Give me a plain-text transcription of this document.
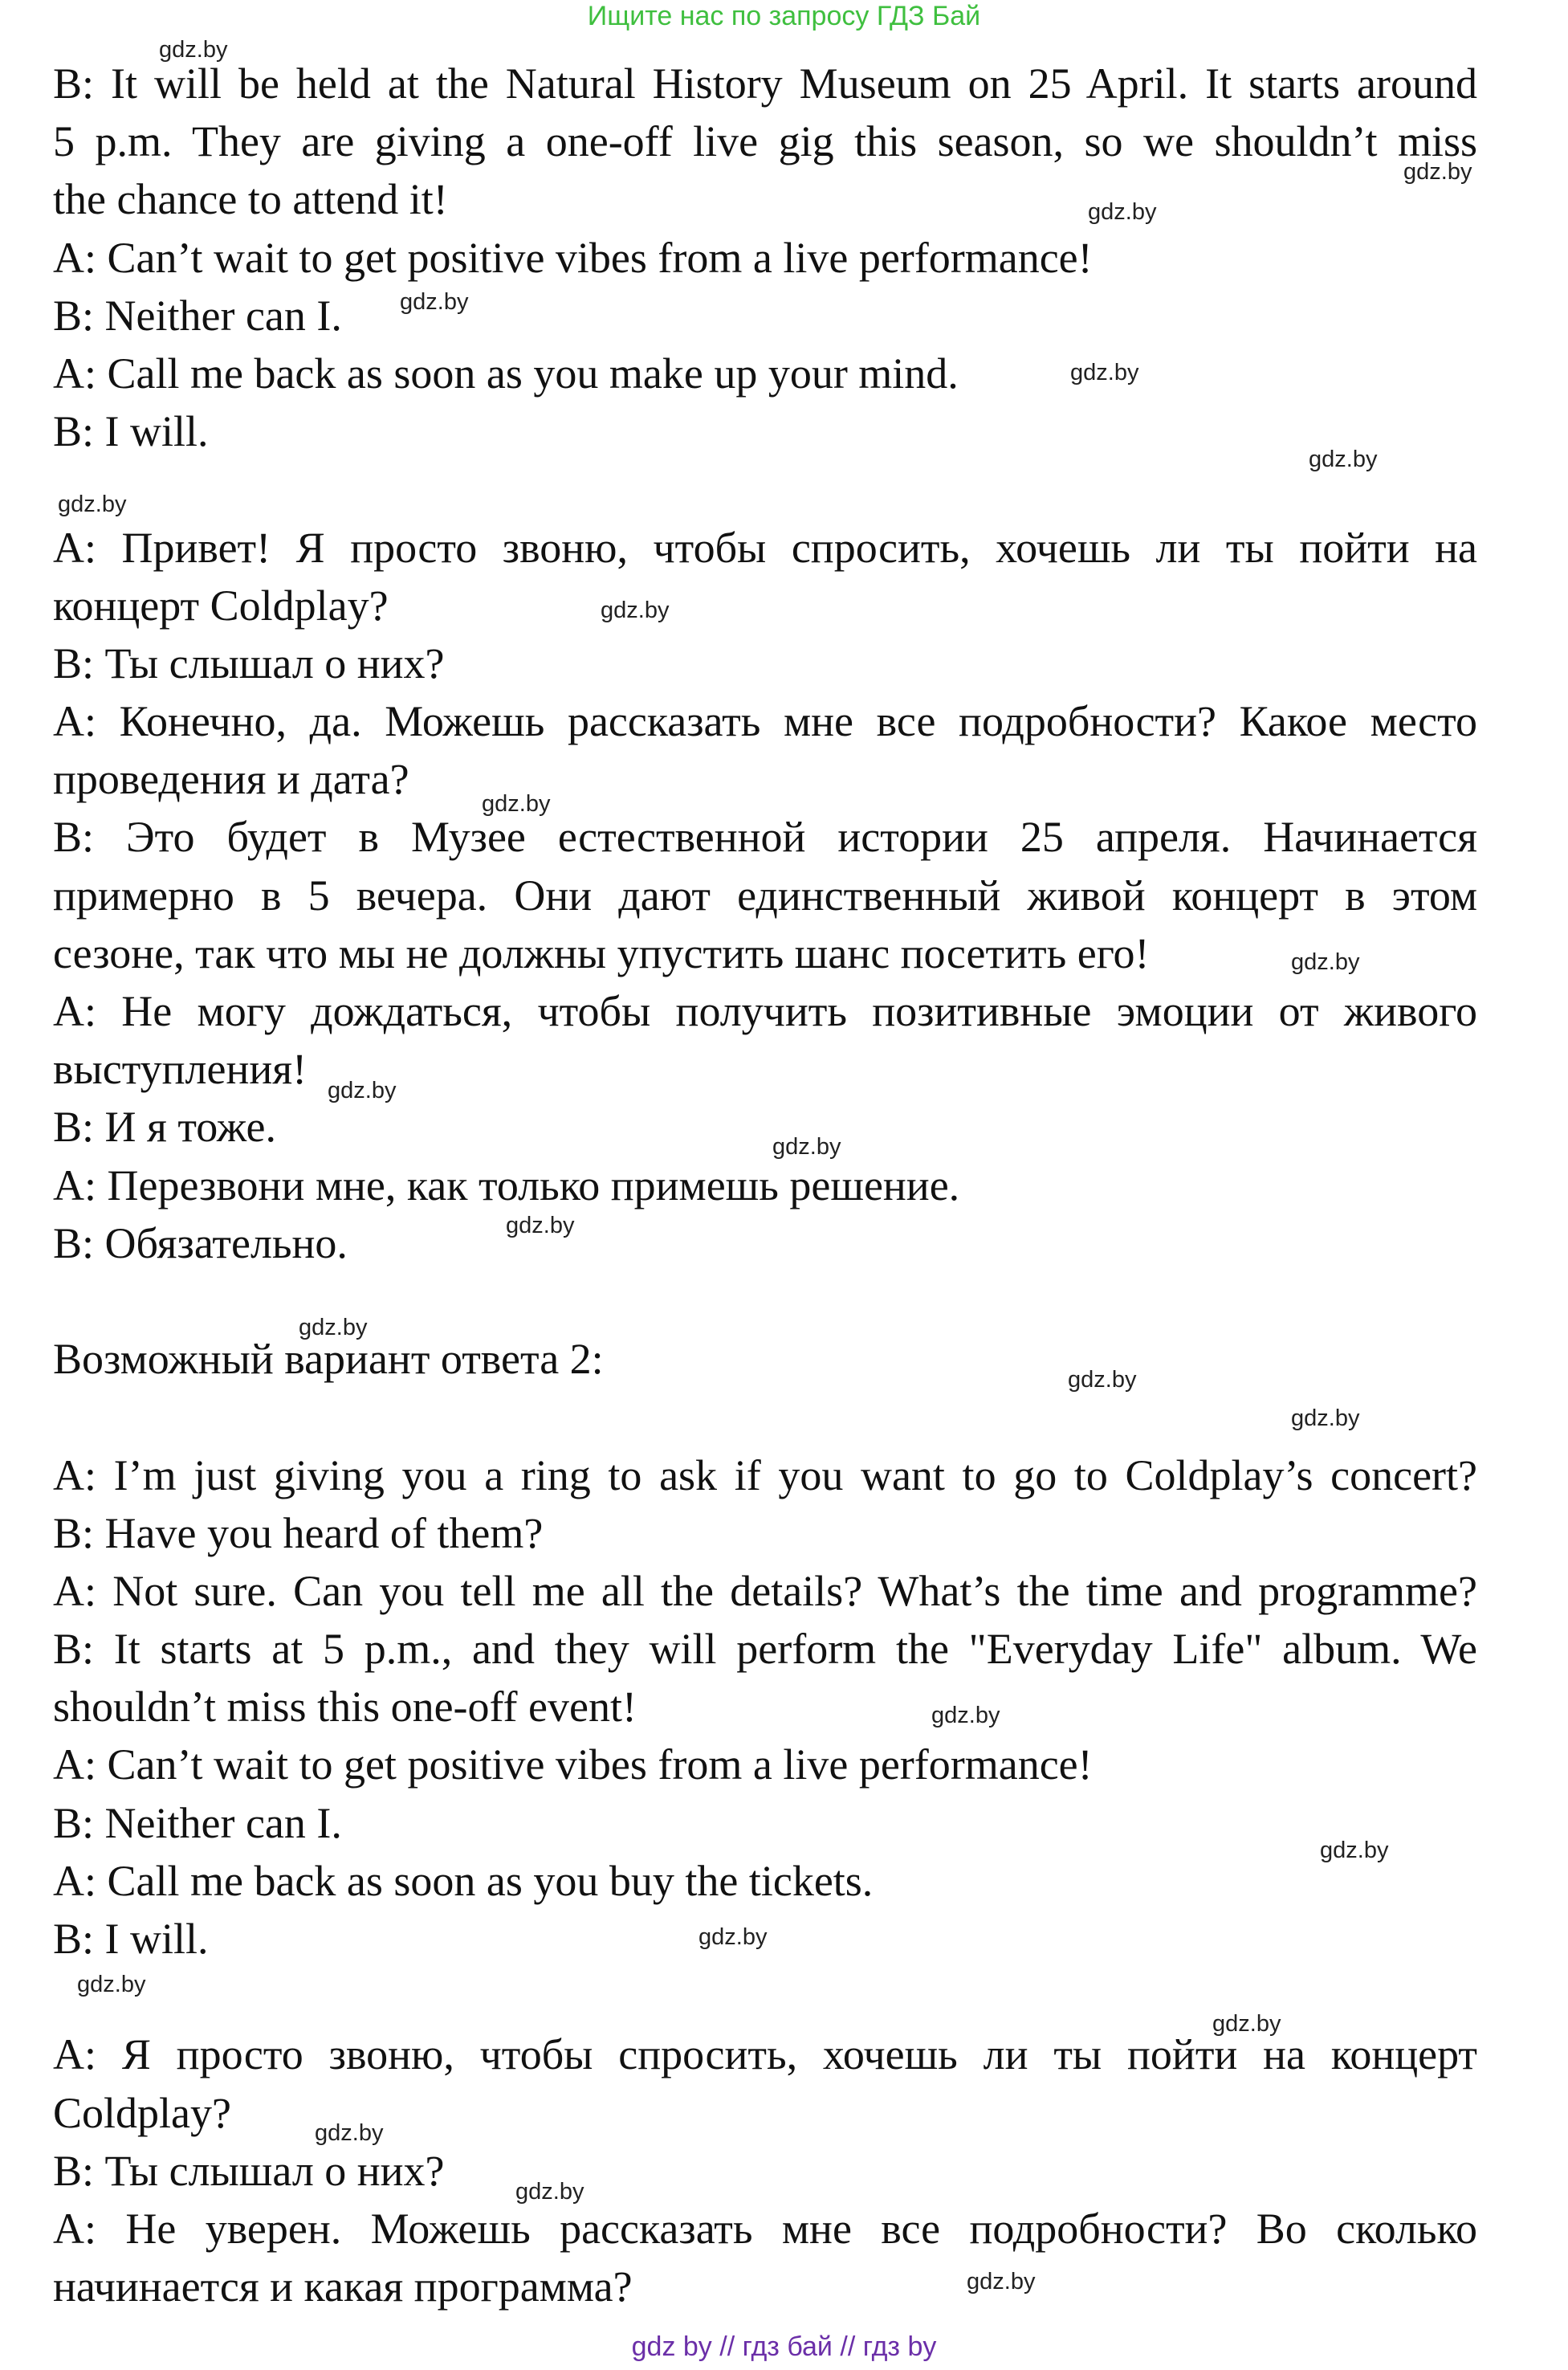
Ищите нас по запросу ГДЗ Бай
B: It will be held at the Natural History Museum on 25 April. It starts around
5 p.m. They are giving a one-off live gig this season, so we shouldn’t miss
the chance to attend it!
A: Can’t wait to get positive vibes from a live performance!
B: Neither can I.
A: Call me back as soon as you make up your mind.
B: I will.
A: Привет! Я просто звоню, чтобы спросить, хочешь ли ты пойти на
концерт Coldplay?
B: Ты слышал о них?
A: Конечно, да. Можешь рассказать мне все подробности? Какое место
проведения и дата?
B: Это будет в Музее естественной истории 25 апреля. Начинается
примерно в 5 вечера. Они дают единственный живой концерт в этом
сезоне, так что мы не должны упустить шанс посетить его!
A: Не могу дождаться, чтобы получить позитивные эмоции от живого
выступления!
B: И я тоже.
A: Перезвони мне, как только примешь решение.
B: Обязательно.
Возможный вариант ответа 2:
A: I’m just giving you a ring to ask if you want to go to Coldplay’s concert?
B: Have you heard of them?
A: Not sure. Can you tell me all the details? What’s the time and programme?
B: It starts at 5 p.m., and they will perform the "Everyday Life" album. We
shouldn’t miss this one-off event!
A: Can’t wait to get positive vibes from a live performance!
B: Neither can I.
A: Call me back as soon as you buy the tickets.
B: I will.
A: Я просто звоню, чтобы спросить, хочешь ли ты пойти на концерт
Coldplay?
B: Ты слышал о них?
A: Не уверен. Можешь рассказать мне все подробности? Во сколько
начинается и какая программа?
gdz.by
gdz.by
gdz.by
gdz.by
gdz.by
gdz.by
gdz.by
gdz.by
gdz.by
gdz.by
gdz.by
gdz.by
gdz.by
gdz.by
gdz.by
gdz.by
gdz.by
gdz.by
gdz.by
gdz.by
gdz.by
gdz.by
gdz.by
gdz.by
gdz by // гдз бай // гдз by
